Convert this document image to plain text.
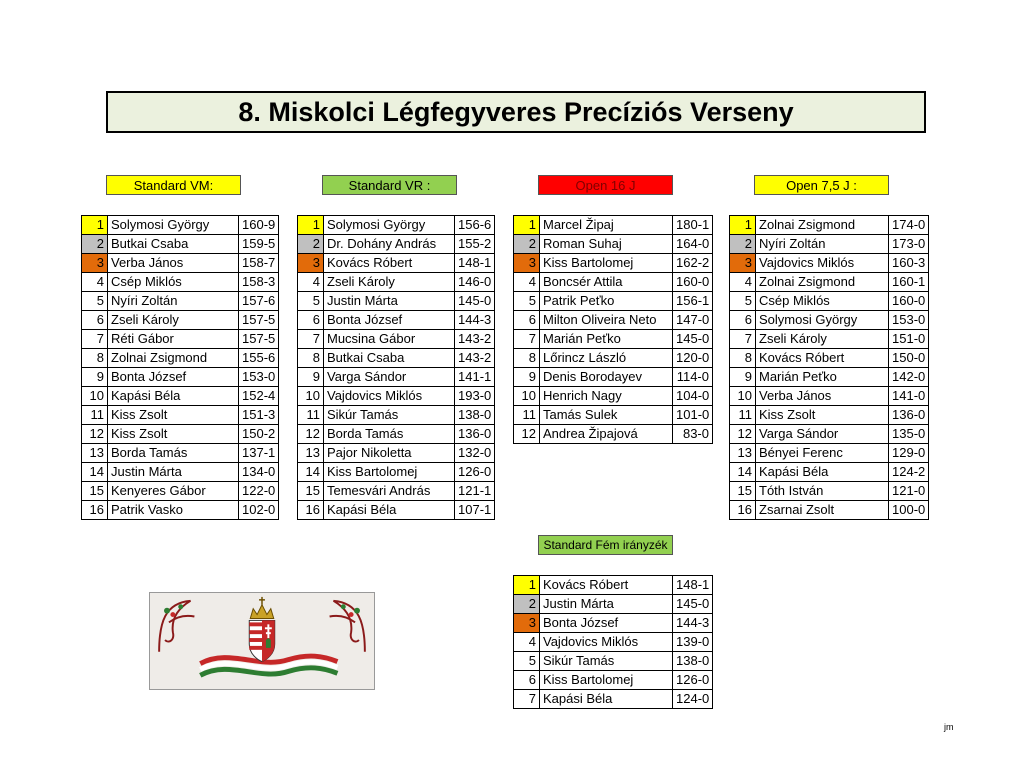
8. Miskolci Légfegyveres Precíziós Verseny
Standard VM:	Standard VR :	Open 16 J	Open 7,5 J :
Standard Fém irányzék
1	Solymosi György	160-9
2	Butkai Csaba	159-5
3	Verba János	158-7
4	Csép Miklós	158-3
5	Nyíri Zoltán	157-6
6	Zseli Károly	157-5
7	Réti Gábor	157-5
8	Zolnai Zsigmond	155-6
9	Bonta József	153-0
10	Kapási Béla	152-4
11	Kiss Zsolt	151-3
12	Kiss Zsolt	150-2
13	Borda Tamás	137-1
14	Justin Márta	134-0
15	Kenyeres Gábor	122-0
16	Patrik Vasko	102-0
1	Solymosi György	156-6
2	Dr. Dohány András	155-2
3	Kovács Róbert	148-1
4	Zseli Károly	146-0
5	Justin Márta	145-0
6	Bonta József	144-3
7	Mucsina Gábor	143-2
8	Butkai Csaba	143-2
9	Varga Sándor	141-1
10	Vajdovics Miklós	193-0
11	Sikúr Tamás	138-0
12	Borda Tamás	136-0
13	Pajor Nikoletta	132-0
14	Kiss Bartolomej	126-0
15	Temesvári András	121-1
16	Kapási Béla	107-1
1	Marcel Žipaj	180-1
2	Roman Suhaj	164-0
3	Kiss Bartolomej	162-2
4	Boncsér Attila	160-0
5	Patrik Peťko	156-1
6	Milton Oliveira Neto	147-0
7	Marián Peťko	145-0
8	Lőrincz László	120-0
9	Denis Borodayev	114-0
10	Henrich Nagy	104-0
11	Tamás Sulek	101-0
12	Andrea Žipajová	83-0
1	Zolnai Zsigmond	174-0
2	Nyíri Zoltán	173-0
3	Vajdovics Miklós	160-3
4	Zolnai Zsigmond	160-1
5	Csép Miklós	160-0
6	Solymosi György	153-0
7	Zseli Károly	151-0
8	Kovács Róbert	150-0
9	Marián Peťko	142-0
10	Verba János	141-0
11	Kiss Zsolt	136-0
12	Varga Sándor	135-0
13	Bényei Ferenc	129-0
14	Kapási Béla	124-2
15	Tóth István	121-0
16	Zsarnai Zsolt	100-0
1	Kovács Róbert	148-1
2	Justin Márta	145-0
3	Bonta József	144-3
4	Vajdovics Miklós	139-0
5	Sikúr Tamás	138-0
6	Kiss Bartolomej	126-0
7	Kapási Béla	124-0
jm
